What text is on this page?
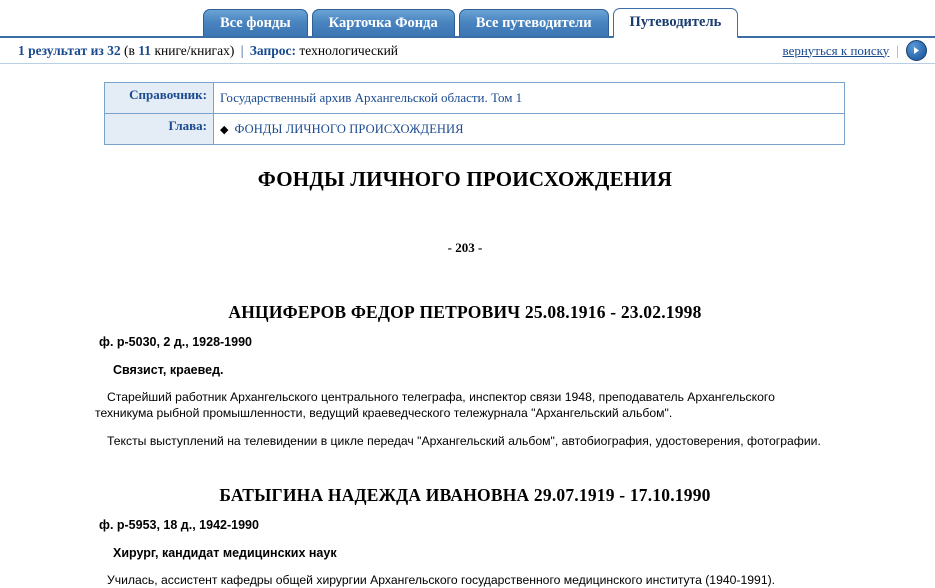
Все фонды	Карточка Фонда	Все путеводители	Путеводитель
1 результат из 32 (в 11 книге/книгах) | Запрос: технологический	вернуться к поиску |
Справочник:	Государственный архив Архангельской области. Том 1
Глава:	◆ ФОНДЫ ЛИЧНОГО ПРОИСХОЖДЕНИЯ
ФОНДЫ ЛИЧНОГО ПРОИСХОЖДЕНИЯ
- 203 -
АНЦИФЕРОВ ФЕДОР ПЕТРОВИЧ 25.08.1916 - 23.02.1998
ф. р-5030, 2 д., 1928-1990
Связист, краевед.
Старейший работник Архангельского центрального телеграфа, инспектор связи 1948, преподаватель Архангельского техникума рыбной промышленности, ведущий краеведческого тележурнала "Архангельский альбом".
Тексты выступлений на телевидении в цикле передач "Архангельский альбом", автобиография, удостоверения, фотографии.
БАТЫГИНА НАДЕЖДА ИВАНОВНА 29.07.1919 - 17.10.1990
ф. р-5953, 18 д., 1942-1990
Хирург, кандидат медицинских наук
Училась, ассистент кафедры общей хирургии Архангельского государственного медицинского института (1940-1991).
